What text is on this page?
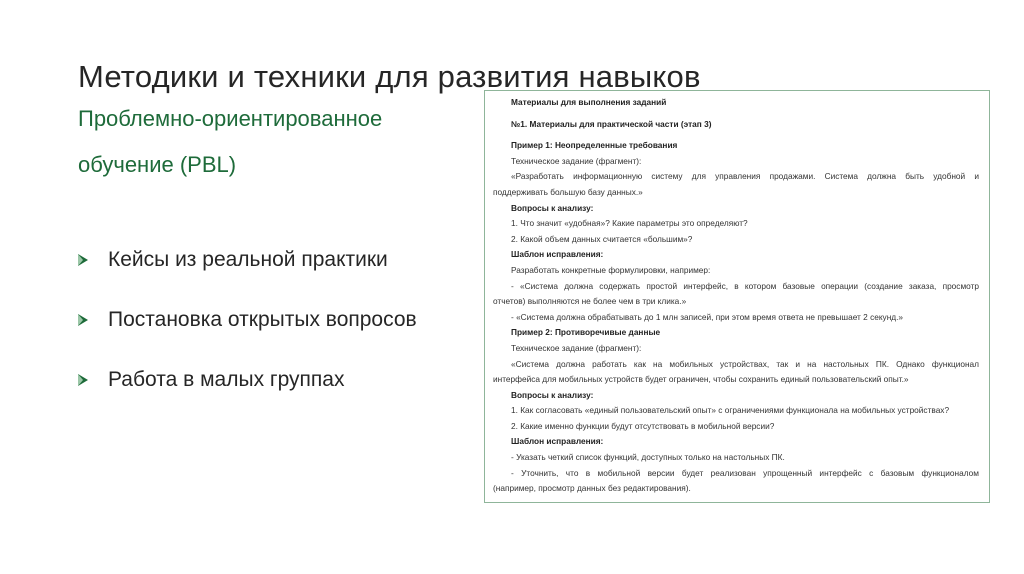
Методики и техники для развития навыков
Проблемно-ориентированное
обучение (PBL)
Кейсы из реальной практики
Постановка открытых вопросов
Работа в малых группах
Материалы для выполнения заданий
№1. Материалы для практической части (этап 3)
Пример 1: Неопределенные требования
Техническое задание (фрагмент):
«Разработать информационную систему для управления продажами. Система должна быть удобной и
поддерживать большую базу данных.»
Вопросы к анализу:
1. Что значит «удобная»? Какие параметры это определяют?
2. Какой объем данных считается «большим»?
Шаблон исправления:
Разработать конкретные формулировки, например:
- «Система должна содержать простой интерфейс, в котором базовые операции (создание заказа, просмотр
отчетов) выполняются не более чем в три клика.»
- «Система должна обрабатывать до 1 млн записей, при этом время ответа не превышает 2 секунд.»
Пример 2: Противоречивые данные
Техническое задание (фрагмент):
«Система должна работать как на мобильных устройствах, так и на настольных ПК. Однако функционал
интерфейса для мобильных устройств будет ограничен, чтобы сохранить единый пользовательский опыт.»
Вопросы к анализу:
1. Как согласовать «единый пользовательский опыт» с ограничениями функционала на мобильных устройствах?
2. Какие именно функции будут отсутствовать в мобильной версии?
Шаблон исправления:
- Указать четкий список функций, доступных только на настольных ПК.
- Уточнить, что в мобильной версии будет реализован упрощенный интерфейс с базовым функционалом
(например, просмотр данных без редактирования).
